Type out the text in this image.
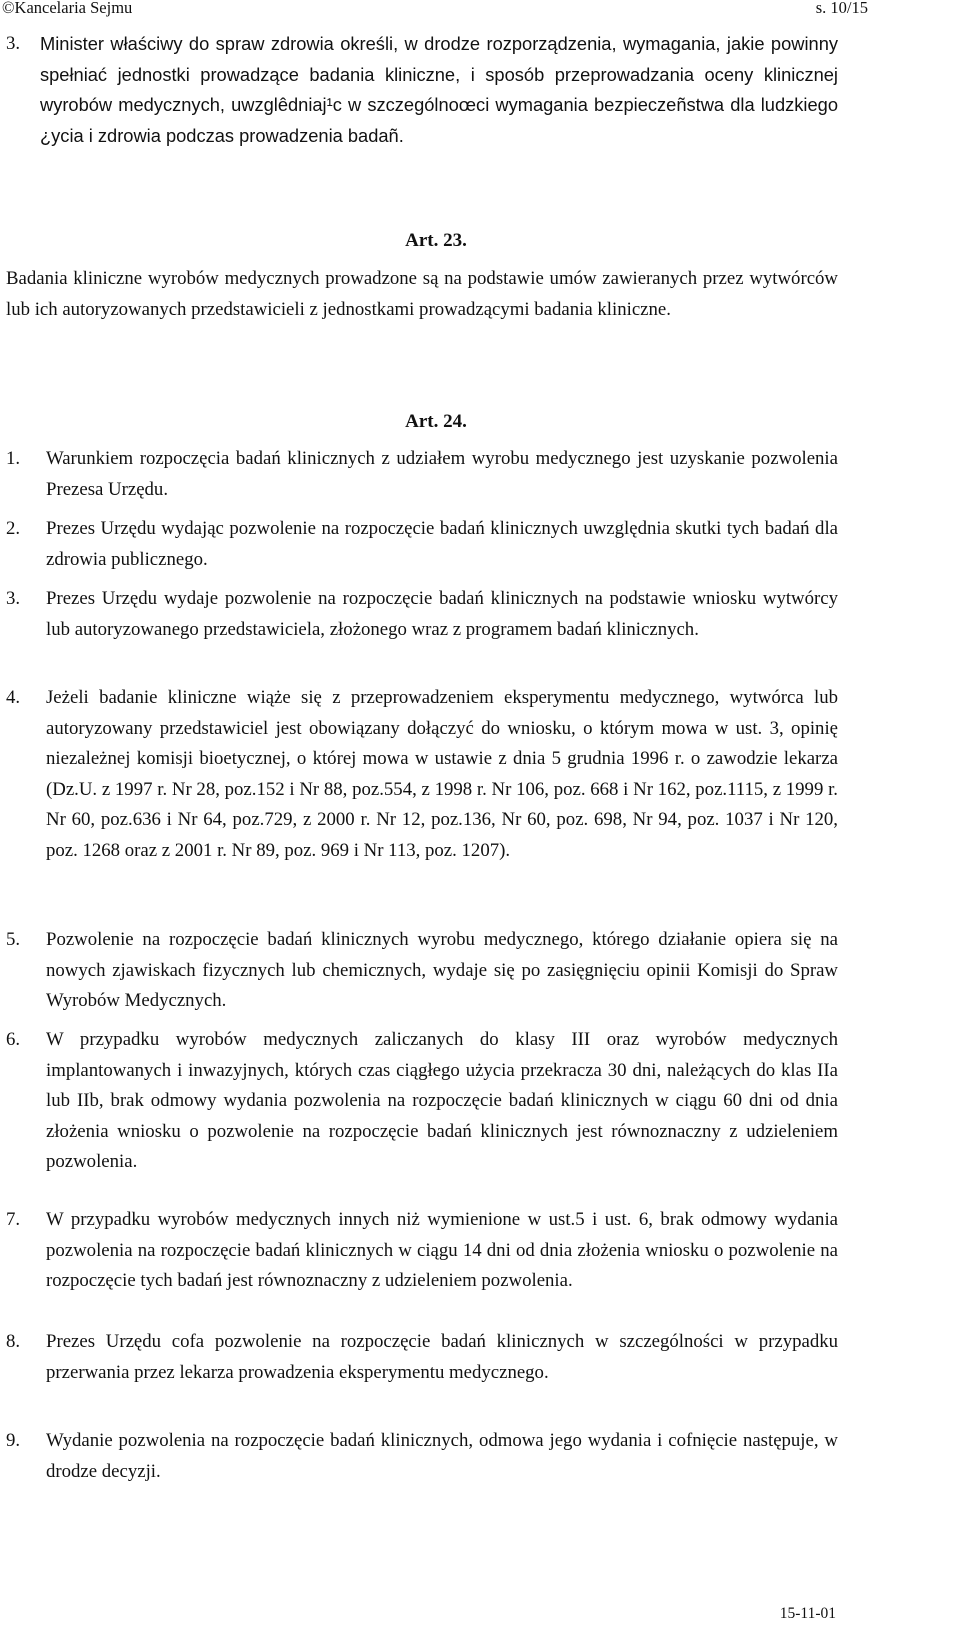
©Kancelaria Sejmu	s. 10/15
3.	Minister właściwy do spraw zdrowia określi, w drodze rozporządzenia, wymagania, jakie powinny spełniać jednostki prowadzące badania kliniczne, i sposób przeprowadzania oceny klinicznej wyrobów medycznych, uwzglêdniaj¹c w szczególnoœci wymagania bezpieczeñstwa dla ludzkiego ¿ycia i zdrowia podczas prowadzenia badañ.
Art. 23.
Badania kliniczne wyrobów medycznych prowadzone są na podstawie umów zawieranych przez wytwórców lub ich autoryzowanych przedstawicieli z jednostkami prowadzącymi badania kliniczne.
Art. 24.
1.	Warunkiem rozpoczęcia badań klinicznych z udziałem wyrobu medycznego jest uzyskanie pozwolenia Prezesa Urzędu.
2.	Prezes Urzędu wydając pozwolenie na rozpoczęcie badań klinicznych uwzględnia skutki tych badań dla zdrowia publicznego.
3.	Prezes Urzędu wydaje pozwolenie na rozpoczęcie badań klinicznych na podstawie wniosku wytwórcy lub autoryzowanego przedstawiciela, złożonego wraz z programem badań klinicznych.
4.	Jeżeli badanie kliniczne wiąże się z przeprowadzeniem eksperymentu medycznego, wytwórca lub autoryzowany przedstawiciel jest obowiązany dołączyć do wniosku, o którym mowa w ust. 3, opinię niezależnej komisji bioetycznej, o której mowa w ustawie z dnia 5 grudnia 1996 r. o zawodzie lekarza (Dz.U. z 1997 r. Nr 28, poz.152 i Nr 88, poz.554, z 1998 r. Nr 106, poz. 668 i Nr 162, poz.1115, z 1999 r. Nr 60, poz.636 i Nr 64, poz.729, z 2000 r. Nr 12, poz.136, Nr 60, poz. 698, Nr 94, poz. 1037 i Nr 120, poz. 1268 oraz z 2001 r. Nr 89, poz. 969 i Nr 113, poz. 1207).
5.	Pozwolenie na rozpoczęcie badań klinicznych wyrobu medycznego, którego działanie opiera się na nowych zjawiskach fizycznych lub chemicznych, wydaje się po zasięgnięciu opinii Komisji do Spraw Wyrobów Medycznych.
6.	W przypadku wyrobów medycznych zaliczanych do klasy III oraz wyrobów medycznych implantowanych i inwazyjnych, których czas ciągłego użycia przekracza 30 dni, należących do klas IIa lub IIb, brak odmowy wydania pozwolenia na rozpoczęcie badań klinicznych w ciągu 60 dni od dnia złożenia wniosku o pozwolenie na rozpoczęcie badań klinicznych jest równoznaczny z udzieleniem pozwolenia.
7.	W przypadku wyrobów medycznych innych niż wymienione w ust.5 i ust. 6, brak odmowy wydania pozwolenia na rozpoczęcie badań klinicznych w ciągu 14 dni od dnia złożenia wniosku o pozwolenie na rozpoczęcie tych badań jest równoznaczny z udzieleniem pozwolenia.
8.	Prezes Urzędu cofa pozwolenie na rozpoczęcie badań klinicznych w szczególności w przypadku przerwania przez lekarza prowadzenia eksperymentu medycznego.
9.	Wydanie pozwolenia na rozpoczęcie badań klinicznych, odmowa jego wydania i cofnięcie następuje, w drodze decyzji.
15-11-01
